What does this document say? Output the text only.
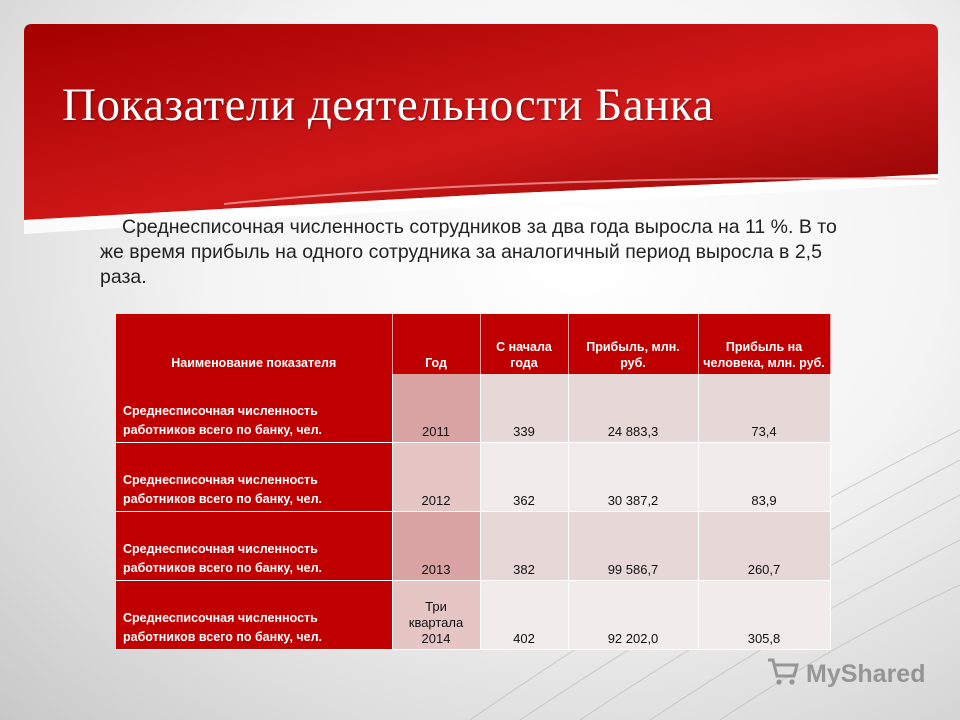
Показатели деятельности Банка

Среднесписочная численность сотрудников за два года выросла на 11 %. В то же время прибыль на одного сотрудника за аналогичный период выросла в 2,5 раза.

Наименование показателя	Год	С начала года	Прибыль, млн. руб.	Прибыль на человека, млн. руб.
Среднесписочная численность работников всего по банку, чел.	2011	339	24 883,3	73,4
Среднесписочная численность работников всего по банку, чел.	2012	362	30 387,2	83,9
Среднесписочная численность работников всего по банку, чел.	2013	382	99 586,7	260,7
Среднесписочная численность работников всего по банку, чел.	Три квартала 2014	402	92 202,0	305,8
MyShared
